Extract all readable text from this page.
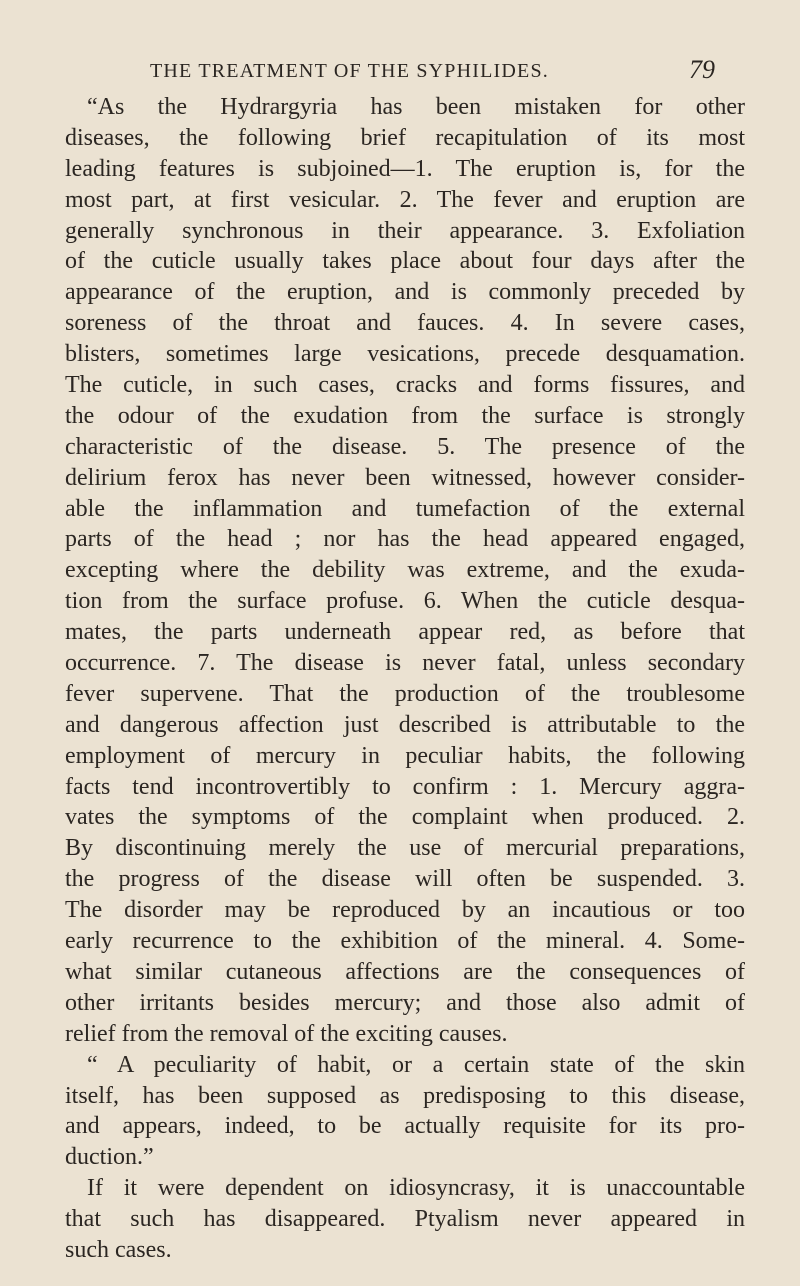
THE TREATMENT OF THE SYPHILIDES.	79
“As the Hydrargyria has been mistaken for other
diseases, the following brief recapitulation of its most
leading features is subjoined—1. The eruption is, for the
most part, at first vesicular. 2. The fever and eruption are
generally synchronous in their appearance. 3. Exfoliation
of the cuticle usually takes place about four days after the
appearance of the eruption, and is commonly preceded by
soreness of the throat and fauces. 4. In severe cases,
blisters, sometimes large vesications, precede desquamation.
The cuticle, in such cases, cracks and forms fissures, and
the odour of the exudation from the surface is strongly
characteristic of the disease. 5. The presence of the
delirium ferox has never been witnessed, however consider-
able the inflammation and tumefaction of the external
parts of the head ; nor has the head appeared engaged,
excepting where the debility was extreme, and the exuda-
tion from the surface profuse. 6. When the cuticle desqua-
mates, the parts underneath appear red, as before that
occurrence. 7. The disease is never fatal, unless secondary
fever supervene. That the production of the troublesome
and dangerous affection just described is attributable to the
employment of mercury in peculiar habits, the following
facts tend incontrovertibly to confirm : 1. Mercury aggra-
vates the symptoms of the complaint when produced. 2.
By discontinuing merely the use of mercurial preparations,
the progress of the disease will often be suspended. 3.
The disorder may be reproduced by an incautious or too
early recurrence to the exhibition of the mineral. 4. Some-
what similar cutaneous affections are the consequences of
other irritants besides mercury; and those also admit of
relief from the removal of the exciting causes.
“ A peculiarity of habit, or a certain state of the skin
itself, has been supposed as predisposing to this disease,
and appears, indeed, to be actually requisite for its pro-
duction.”
If it were dependent on idiosyncrasy, it is unaccountable
that such has disappeared. Ptyalism never appeared in
such cases.
